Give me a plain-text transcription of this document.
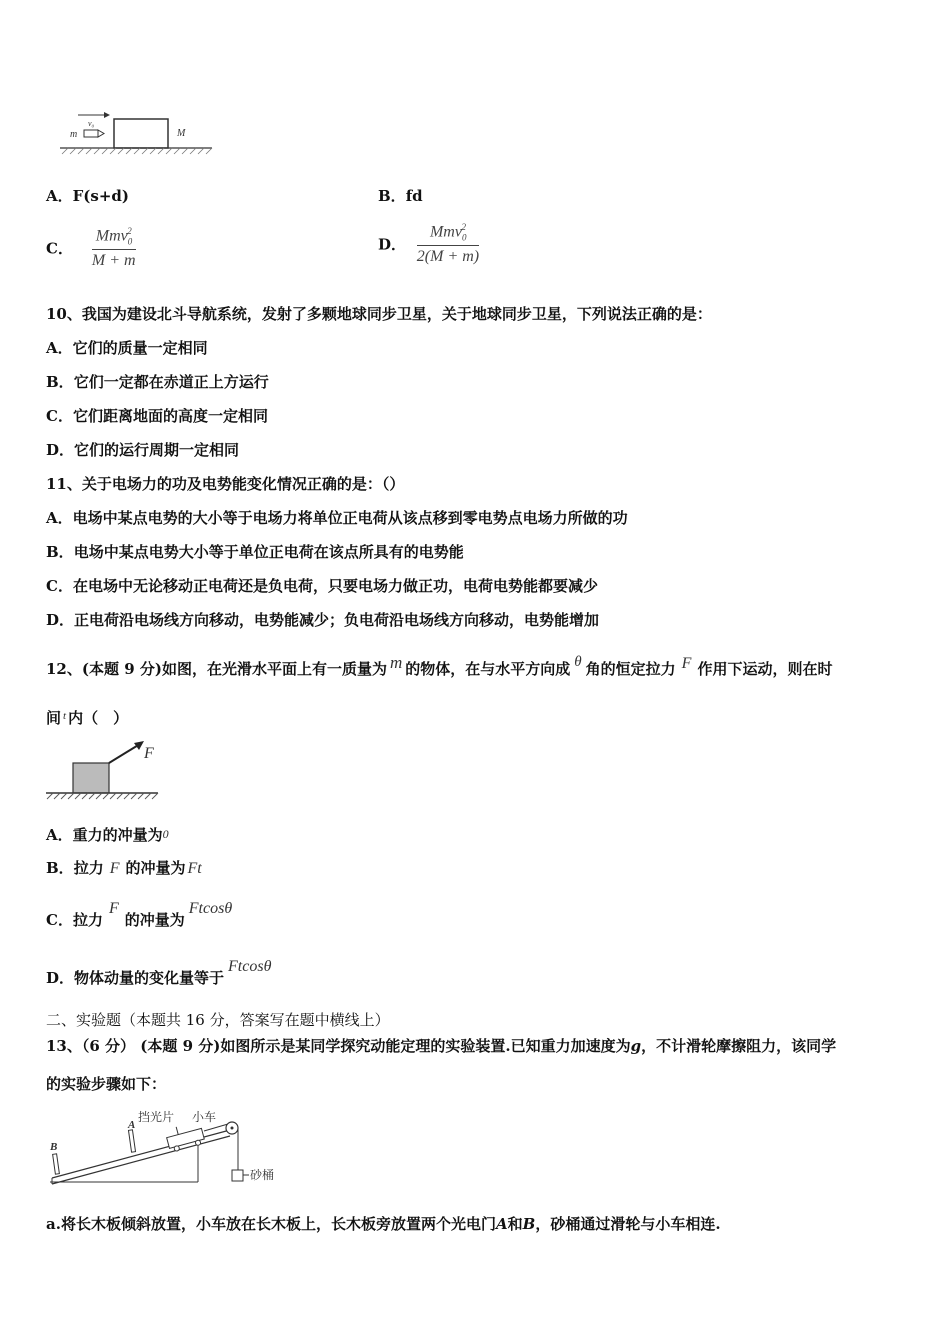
v₀
m	M
A．F(s+d)	B．fd
C． $\frac{Mmv_0^2}{M + m}$	D． $\frac{Mmv_0^2}{2(M + m)}$
10、我国为建设北斗导航系统，发射了多颗地球同步卫星，关于地球同步卫星，下列说法正确的是：
A．它们的质量一定相同
B．它们一定都在赤道正上方运行
C．它们距离地面的高度一定相同
D．它们的运行周期一定相同
11、关于电场力的功及电势能变化情况正确的是：（）
A．电场中某点电势的大小等于电场力将单位正电荷从该点移到零电势点电场力所做的功
B．电场中某点电势大小等于单位正电荷在该点所具有的电势能
C．在电场中无论移动正电荷还是负电荷，只要电场力做正功，电荷电势能都要减少
D．正电荷沿电场线方向移动，电势能减少；负电荷沿电场线方向移动，电势能增加
12、(本题 9 分)如图，在光滑水平面上有一质量为 m 的物体，在与水平方向成 θ 角的恒定拉力 F 作用下运动，则在时
间 $^t$ 内（　）
F
A．重力的冲量为0
B．拉力 F 的冲量为 Ft
C．拉力F的冲量为Ftcosθ
D．物体动量的变化量等于Ftcosθ
二、实验题（本题共 16 分，答案写在题中横线上）
13、（6 分） (本题 9 分)如图所示是某同学探究动能定理的实验装置.已知重力加速度为g，不计滑轮摩擦阻力，该同学
的实验步骤如下：
B
A
挡光片 小车
砂桶
a.将长木板倾斜放置，小车放在长木板上，长木板旁放置两个光电门A和B，砂桶通过滑轮与小车相连.
